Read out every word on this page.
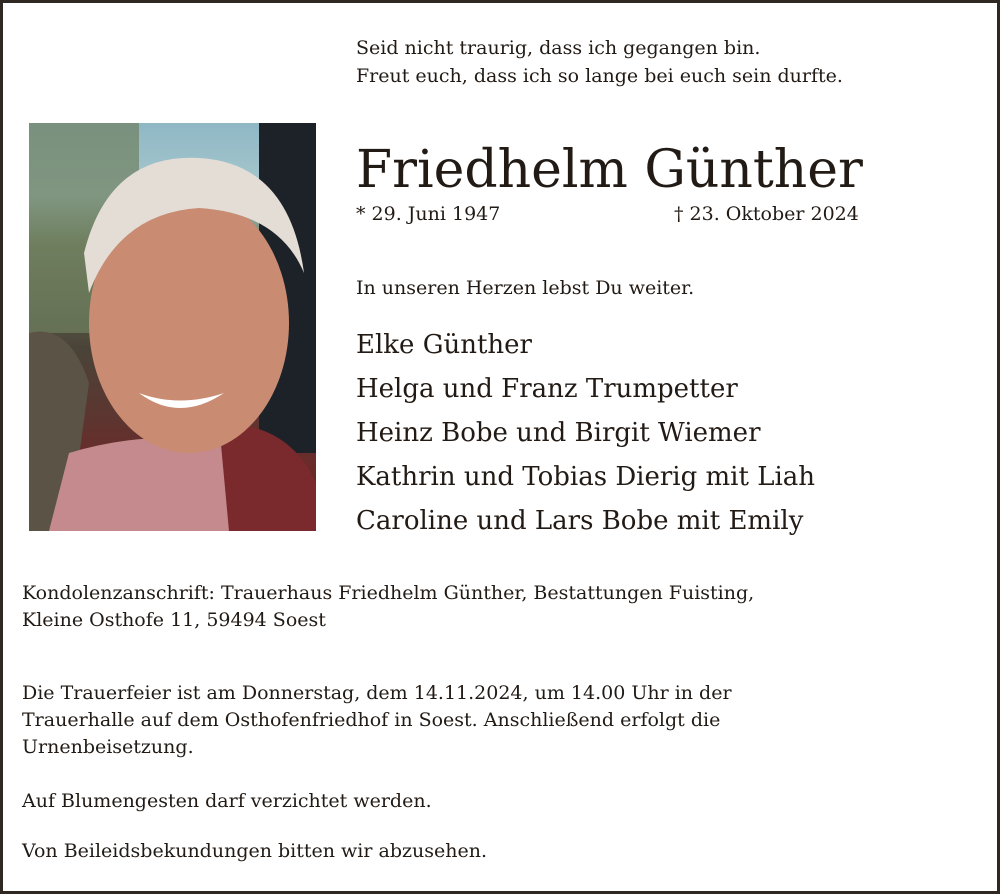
Seid nicht traurig, dass ich gegangen bin.
Freut euch, dass ich so lange bei euch sein durfte.
Friedhelm Günther
* 29. Juni 1947	† 23. Oktober 2024
In unseren Herzen lebst Du weiter.
Elke Günther
Helga und Franz Trumpetter
Heinz Bobe und Birgit Wiemer
Kathrin und Tobias Dierig mit Liah
Caroline und Lars Bobe mit Emily
Kondolenzanschrift: Trauerhaus Friedhelm Günther, Bestattungen Fuisting,
Kleine Osthofe 11, 59494 Soest
Die Trauerfeier ist am Donnerstag, dem 14.11.2024, um 14.00 Uhr in der
Trauerhalle auf dem Osthofenfriedhof in Soest. Anschließend erfolgt die
Urnenbeisetzung.
Auf Blumengesten darf verzichtet werden.
Von Beileidsbekundungen bitten wir abzusehen.
